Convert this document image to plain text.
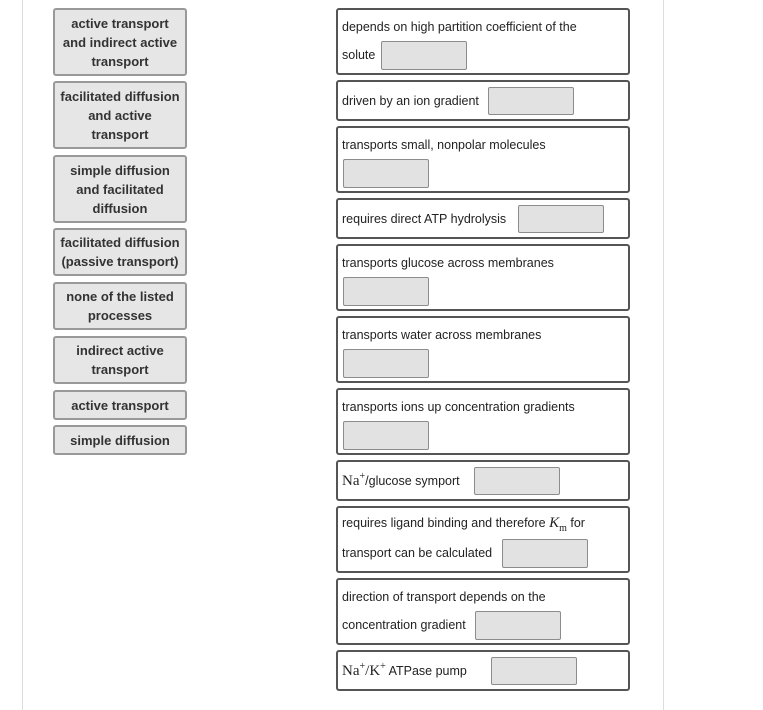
active transport
and indirect active
transport
facilitated diffusion
and active
transport
simple diffusion
and facilitated
diffusion
facilitated diffusion
(passive transport)
none of the listed
processes
indirect active
transport
active transport
simple diffusion
depends on high partition coefficient of the
solute
driven by an ion gradient
transports small, nonpolar molecules
requires direct ATP hydrolysis
transports glucose across membranes
transports water across membranes
transports ions up concentration gradients
Na+/glucose symport
requires ligand binding and therefore $K_m$ for
transport can be calculated
direction of transport depends on the
concentration gradient
Na+/K+ ATPase pump
